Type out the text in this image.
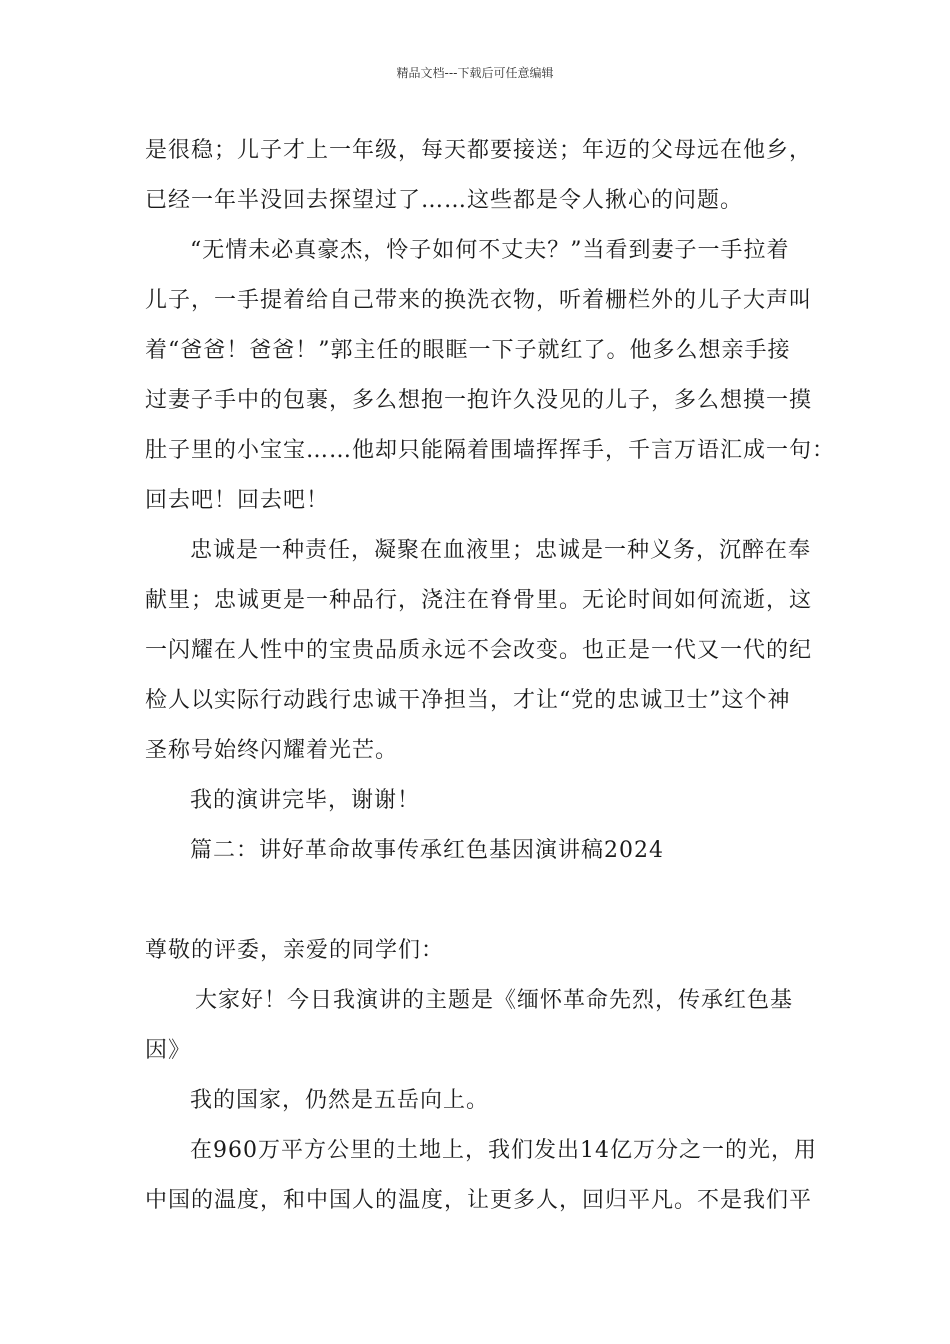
精品文档---下载后可任意编辑
是很稳；儿子才上一年级，每天都要接送；年迈的父母远在他乡，
已经一年半没回去探望过了……这些都是令人揪心的问题。
“无情未必真豪杰，怜子如何不丈夫？”当看到妻子一手拉着
儿子，一手提着给自己带来的换洗衣物，听着栅栏外的儿子大声叫
着“爸爸！爸爸！”郭主任的眼眶一下子就红了。他多么想亲手接
过妻子手中的包裹，多么想抱一抱许久没见的儿子，多么想摸一摸
肚子里的小宝宝……他却只能隔着围墙挥挥手，千言万语汇成一句：
回去吧！回去吧！
忠诚是一种责任，凝聚在血液里；忠诚是一种义务，沉醉在奉
献里；忠诚更是一种品行，浇注在脊骨里。无论时间如何流逝，这
一闪耀在人性中的宝贵品质永远不会改变。也正是一代又一代的纪
检人以实际行动践行忠诚干净担当，才让“党的忠诚卫士”这个神
圣称号始终闪耀着光芒。
我的演讲完毕，谢谢！
篇二：讲好革命故事传承红色基因演讲稿2024
尊敬的评委，亲爱的同学们：
大家好！今日我演讲的主题是《缅怀革命先烈，传承红色基
因》
我的国家，仍然是五岳向上。
在960万平方公里的土地上，我们发出14亿万分之一的光，用
中国的温度，和中国人的温度，让更多人，回归平凡。不是我们平
